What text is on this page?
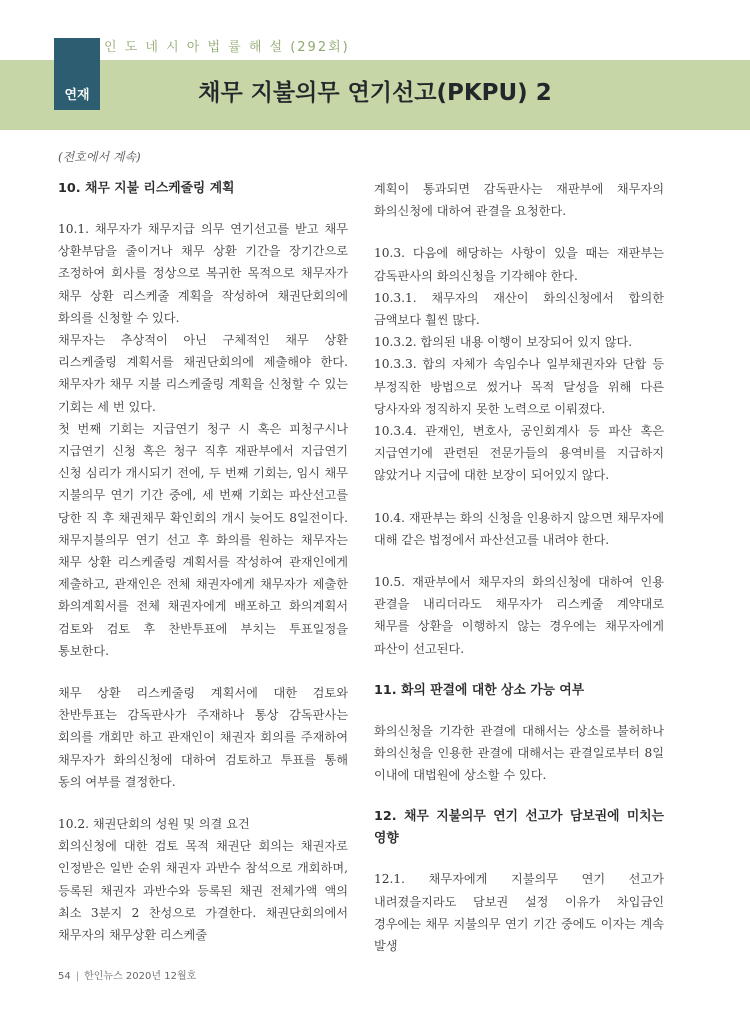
연재
인 도 네 시 아 법 률 해 설 (292회)
채무 지불의무 연기선고(PKPU) 2
(전호에서 계속)
10. 채무 지불 리스케줄링 계획

10.1. 채무자가 채무지급 의무 연기선고를 받고 채무 상환부담을 줄이거나 채무 상환 기간을 장기간으로 조정하여 회사를 정상으로 복귀한 목적으로 채무자가 채무 상환 리스케줄 계획을 작성하여 채권단회의에 화의를 신청할 수 있다.

채무자는 추상적이 아닌 구체적인 채무 상환 리스케줄링 계획서를 채권단회의에 제출해야 한다. 채무자가 채무 지불 리스케줄링 계획을 신청할 수 있는 기회는 세 번 있다.

첫 번째 기회는 지급연기 청구 시 혹은 피청구시나 지급연기 신청 혹은 청구 직후 재판부에서 지급연기 신청 심리가 개시되기 전에, 두 번째 기회는, 임시 채무 지불의무 연기 기간 중에, 세 번째 기회는 파산선고를 당한 직 후 채권채무 확인회의 개시 늦어도 8일전이다. 채무지불의무 연기 선고 후 화의를 원하는 채무자는 채무 상환 리스케줄링 계획서를 작성하여 관재인에게 제출하고, 관재인은 전체 채권자에게 채무자가 제출한 화의계획서를 전체 채권자에게 배포하고 화의계획서 검토와 검토 후 찬반투표에 부치는 투표일정을 통보한다.

채무 상환 리스케줄링 계획서에 대한 검토와 찬반투표는 감독판사가 주재하나 통상 감독판사는 회의를 개회만 하고 관재인이 채권자 회의를 주재하여 채무자가 화의신청에 대하여 검토하고 투표를 통해 동의 여부를 결정한다.

10.2. 채권단회의 성원 및 의결 요건

회의신청에 대한 검토 목적 채권단 회의는 채권자로 인정받은 일반 순위 채권자 과반수 참석으로 개회하며, 등록된 채권자 과반수와 등록된 채권 전체가액 액의 최소 3분지 2 찬성으로 가결한다. 채권단회의에서 채무자의 채무상환 리스케줄

계획이 통과되면 감독판사는 재판부에 채무자의 화의신청에 대하여 관결을 요청한다.

10.3. 다음에 해당하는 사항이 있을 때는 재판부는 감독판사의 화의신청을 기각해야 한다.

10.3.1. 채무자의 재산이 화의신청에서 합의한 금액보다 훨씬 많다.

10.3.2. 합의된 내용 이행이 보장되어 있지 않다.

10.3.3. 합의 자체가 속임수나 일부채권자와 단합 등 부정직한 방법으로 썼거나 목적 달성을 위해 다른 당사자와 정직하지 못한 노력으로 이뤄졌다.

10.3.4. 관재인, 변호사, 공인회계사 등 파산 혹은 지급연기에 관련된 전문가들의 용역비를 지급하지 않았거나 지급에 대한 보장이 되어있지 않다.

10.4. 재판부는 화의 신청을 인용하지 않으면 채무자에 대해 같은 법정에서 파산선고를 내려야 한다.

10.5. 재판부에서 채무자의 화의신청에 대하여 인용 관결을 내리더라도 채무자가 리스케줄 계약대로 채무를 상환을 이행하지 않는 경우에는 채무자에게 파산이 선고된다.

11. 화의 판결에 대한 상소 가능 여부

화의신청을 기각한 관결에 대해서는 상소를 불허하나 화의신청을 인용한 관결에 대해서는 관결일로부터 8일 이내에 대법원에 상소할 수 있다.

12. 채무 지불의무 연기 선고가 담보권에 미치는 영향

12.1. 채무자에게 지불의무 연기 선고가 내려졌을지라도 담보권 설정 이유가 차입금인 경우에는 채무 지불의무 연기 기간 중에도 이자는 계속 발생

54 | 한인뉴스 2020년 12월호
